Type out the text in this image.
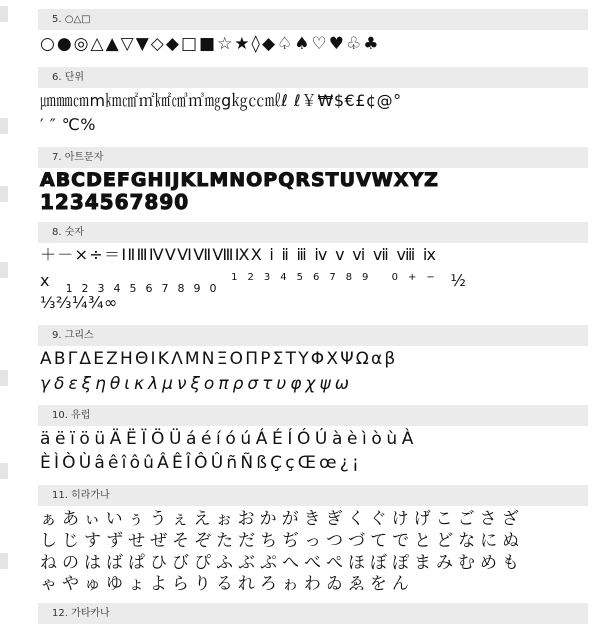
5. ○△□
○●◎△▲▽▼◇◆□■☆★◊◆♤♠♡♥♧♣
6. 단위
㎛㎜㎝m㎞㎠㎡㎢㎤㎥㎎g㎏㏄㎖ℓ ℓ￥₩$€£¢@°
′ ″ ℃%
7. 아트문자
ABCDEFGHIJKLMNOPQRSTUVWXYZ
1234567890
8. 숫자
＋－×÷＝ⅠⅡⅢⅣⅤⅥⅦⅧⅨⅩ ⅰ ⅱ ⅲ ⅳ ⅴ ⅵ ⅶ ⅷ ⅸ
x $_{1234567890}$ $^{123456789 0+-}$ ½
⅓⅔¼¾∞
9. 그리스
ΑΒΓΔΕΖΗΘΙΚΛΜΝΞΟΠΡΣΤΥΦΧΨΩαβ
γδεξηθικλμνξοπρστυφχψω
10. 유럽
äëïöüÄËÏÖÜáéíóúÁÉÍÓÚàèìòùÀ
ÈÌÒÙâêîôûÂÊÎÔÛñÑßÇçŒœ¿¡
11. 히라가나
ぁあぃいぅうぇえぉおかがきぎくぐけげこごさざ
しじすずせぜそぞただちぢっつづてでとどなにぬ
ねのはばぱひびぴふぶぷへべぺほぼぽまみむめも
ゃやゅゆょよらりるれろゎわゐゑをん
12. 가타카나
